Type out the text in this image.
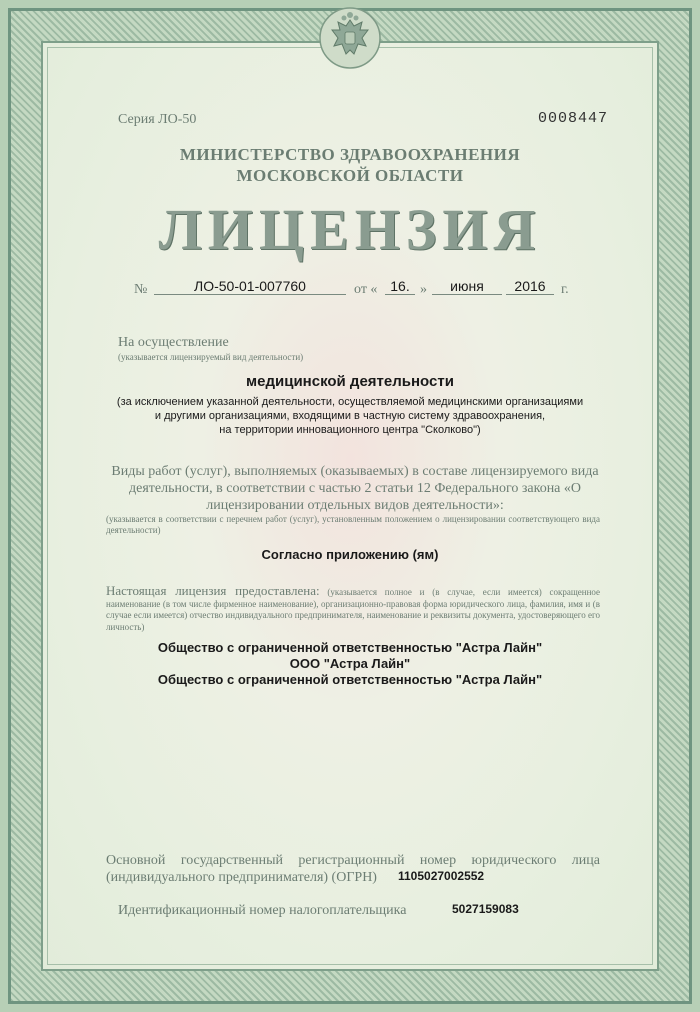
Серия ЛО-50	0008447
МИНИСТЕРСТВО ЗДРАВООХРАНЕНИЯ
МОСКОВСКОЙ ОБЛАСТИ
ЛИЦЕНЗИЯ
№	ЛО-50-01-007760	от « 16. »	июня	2016	г.
На осуществление
(указывается лицензируемый вид деятельности)
медицинской деятельности
(за исключением указанной деятельности, осуществляемой медицинскими организациями
и другими организациями, входящими в частную систему здравоохранения,
на территории инновационного центра "Сколково")
Виды работ (услуг), выполняемых (оказываемых) в составе лицензируемого вида деятельности, в соответствии с частью 2 статьи 12 Федерального закона «О лицензировании отдельных видов деятельности»:
(указывается в соответствии с перечнем работ (услуг), установленным положением о лицензировании соответствующего вида деятельности)
Согласно приложению (ям)
Настоящая лицензия предоставлена: (указывается полное и (в случае, если имеется) сокращенное наименование (в том числе фирменное наименование), организационно-правовая форма юридического лица, фамилия, имя и (в случае если имеется) отчество индивидуального предпринимателя, наименование и реквизиты документа, удостоверяющего его личность)
Общество с ограниченной ответственностью "Астра Лайн"
ООО "Астра Лайн"
Общество с ограниченной ответственностью "Астра Лайн"
Основной государственный регистрационный номер юридического лица (индивидуального предпринимателя) (ОГРН)	1105027002552
Идентификационный номер налогоплательщика	5027159083
